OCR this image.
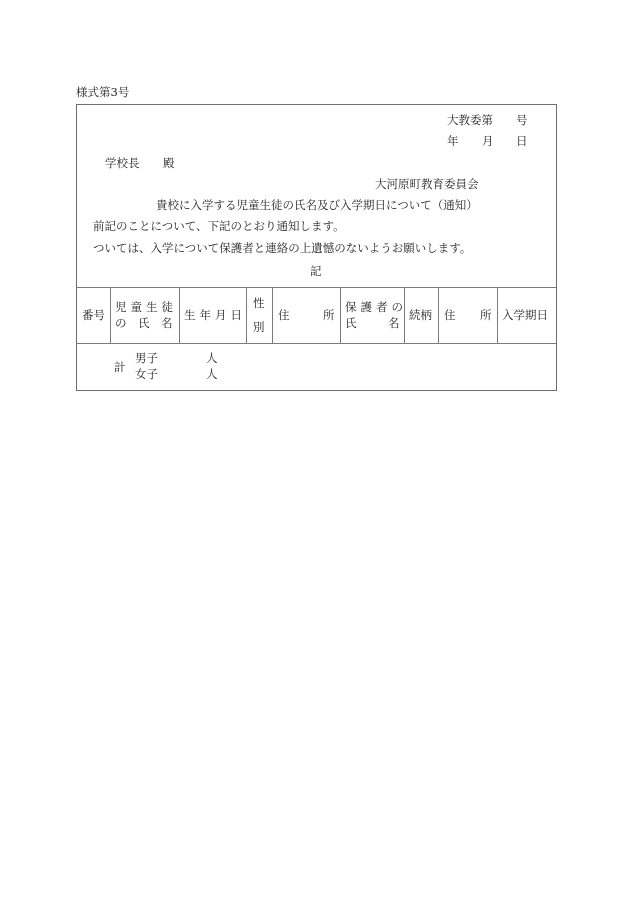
様式第3号
大教委第 号
年 月 日
学校長 殿
大河原町教育委員会
貴校に入学する児童生徒の氏名及び入学期日について（通知）
前記のことについて、下記のとおり通知します。
ついては、入学について保護者と連絡の上遺憾のないようお願いします。
記
番号
児童生徒
の　氏　名
生年月日
性
別
住	所
保護者の
氏	名
続柄 住 所 入学期日
計
男子
女子
人
人
